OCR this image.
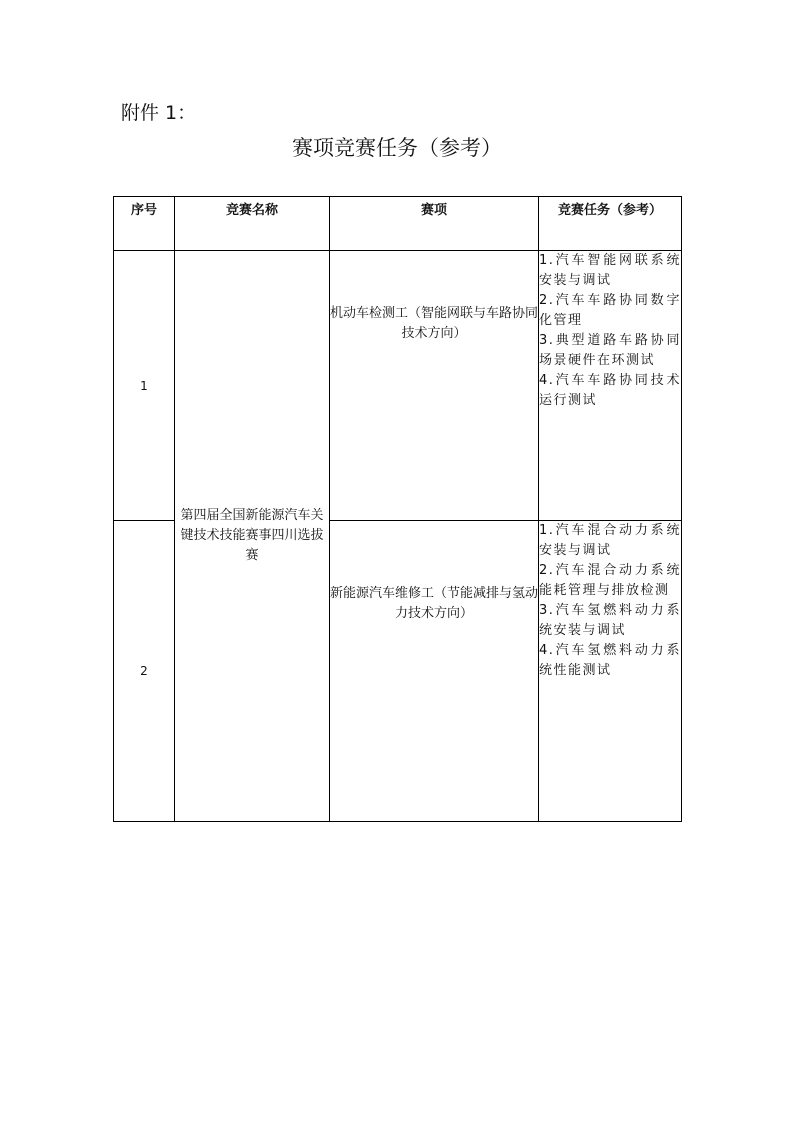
附件 1：
赛项竞赛任务（参考）
序号	竞赛名称	赛项	竞赛任务（参考）
1	第四届全国新能源汽车关键技术技能赛事四川选拔赛	机动车检测工（智能网联与车路协同技术方向）	1.汽车智能网联系统安装与调试
2.汽车车路协同数字化管理
3.典型道路车路协同场景硬件在环测试
4.汽车车路协同技术运行测试

2		新能源汽车维修工（节能减排与氢动力技术方向）	1.汽车混合动力系统安装与调试
2.汽车混合动力系统能耗管理与排放检测
3.汽车氢燃料动力系统安装与调试
4.汽车氢燃料动力系统性能测试
